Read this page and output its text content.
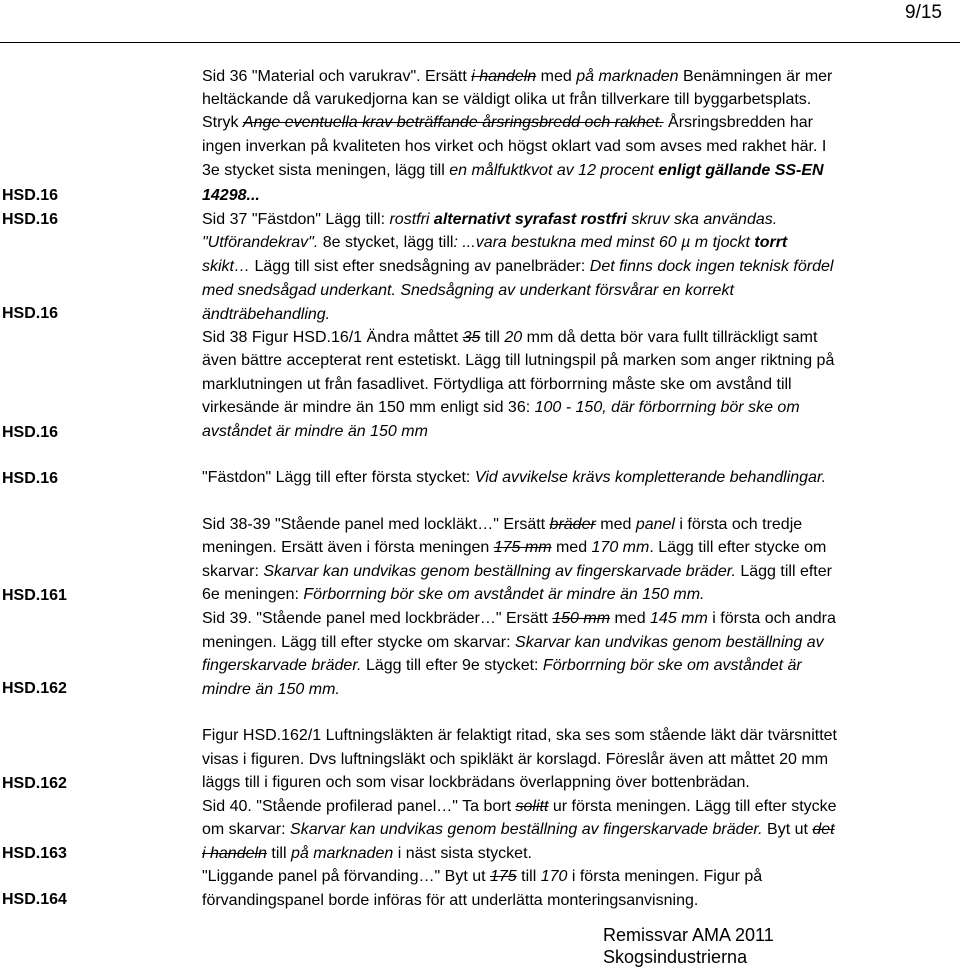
9/15
HSD.16
HSD.16
HSD.16
HSD.16
HSD.16
HSD.161
HSD.162
HSD.162
HSD.163
HSD.164
Sid 36 "Material och varukrav". Ersätt i handeln med på marknaden Benämningen är mer
heltäckande då varukedjorna kan se väldigt olika ut från tillverkare till byggarbetsplats.
Stryk Ange eventuella krav beträffande årsringsbredd och rakhet. Årsringsbredden har
ingen inverkan på kvaliteten hos virket och högst oklart vad som avses med rakhet här. I
3e stycket sista meningen, lägg till en målfuktkvot av 12 procent enligt gällande SS-EN
14298...
Sid 37 "Fästdon" Lägg till: rostfri alternativt syrafast rostfri skruv ska användas.
"Utförandekrav". 8e stycket, lägg till: ...vara bestukna med minst 60 µ m tjockt torrt
skikt… Lägg till sist efter snedsågning av panelbräder: Det finns dock ingen teknisk fördel
med snedsågad underkant. Snedsågning av underkant försvårar en korrekt
ändträbehandling.
Sid 38 Figur HSD.16/1 Ändra måttet 35 till 20 mm då detta bör vara fullt tillräckligt samt
även bättre accepterat rent estetiskt. Lägg till lutningspil på marken som anger riktning på
marklutningen ut från fasadlivet. Förtydliga att förborrning måste ske om avstånd till
virkesände är mindre än 150 mm enligt sid 36: 100 - 150, där förborrning bör ske om
avståndet är mindre än 150 mm
"Fästdon" Lägg till efter första stycket: Vid avvikelse krävs kompletterande behandlingar.
Sid 38-39 "Stående panel med lockläkt…" Ersätt bräder med panel i första och tredje
meningen. Ersätt även i första meningen 175 mm med 170 mm. Lägg till efter stycke om
skarvar: Skarvar kan undvikas genom beställning av fingerskarvade bräder. Lägg till efter
6e meningen: Förborrning bör ske om avståndet är mindre än 150 mm.
Sid 39. "Stående panel med lockbräder…" Ersätt 150 mm med 145 mm i första och andra
meningen. Lägg till efter stycke om skarvar: Skarvar kan undvikas genom beställning av
fingerskarvade bräder. Lägg till efter 9e stycket: Förborrning bör ske om avståndet är
mindre än 150 mm.
Figur HSD.162/1 Luftningsläkten är felaktigt ritad, ska ses som stående läkt där tvärsnittet
visas i figuren. Dvs luftningsläkt och spikläkt är korslagd. Föreslår även att måttet 20 mm
läggs till i figuren och som visar lockbrädans överlappning över bottenbrädan.
Sid 40. "Stående profilerad panel…" Ta bort solitt ur första meningen. Lägg till efter stycke
om skarvar: Skarvar kan undvikas genom beställning av fingerskarvade bräder. Byt ut det
i handeln till på marknaden i näst sista stycket.
"Liggande panel på förvanding…" Byt ut 175 till 170 i första meningen. Figur på
förvandingspanel borde införas för att underlätta monteringsanvisning.
Remissvar AMA 2011
Skogsindustrierna
